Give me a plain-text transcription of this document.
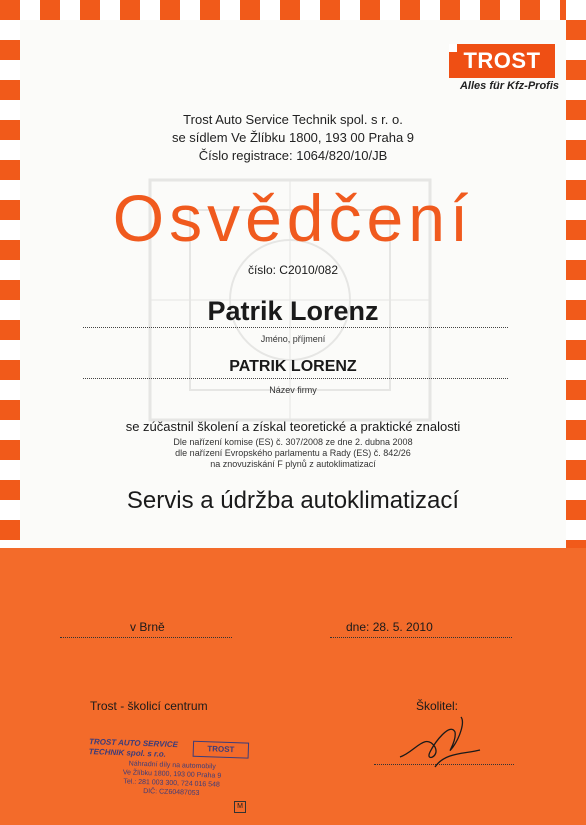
TROST
Alles für Kfz-Profis
Trost Auto Service Technik spol. s r. o.
se sídlem Ve Žlíbku 1800, 193 00 Praha 9
Číslo registrace: 1064/820/10/JB
Osvědčení
číslo: C2010/082
Patrik Lorenz
Jméno, příjmení
PATRIK LORENZ
Název firmy
se zúčastnil školení a získal teoretické a praktické znalosti
Dle nařízení komise (ES) č. 307/2008 ze dne 2. dubna 2008
dle nařízení Evropského parlamentu a Rady (ES) č. 842/26
na znovuziskání F plynů z autoklimatizací
Servis a údržba autoklimatizací
v Brně	dne: 28. 5. 2010
Trost - školicí centrum	Školitel:
TROST AUTO SERVICE
TECHNIK spol. s r.o.	TROST
Náhradní díly na automobily
Ve Žlíbku 1800, 193 00 Praha 9
Tel.: 281 003 300, 724 016 548
DIČ: CZ60487053
M
